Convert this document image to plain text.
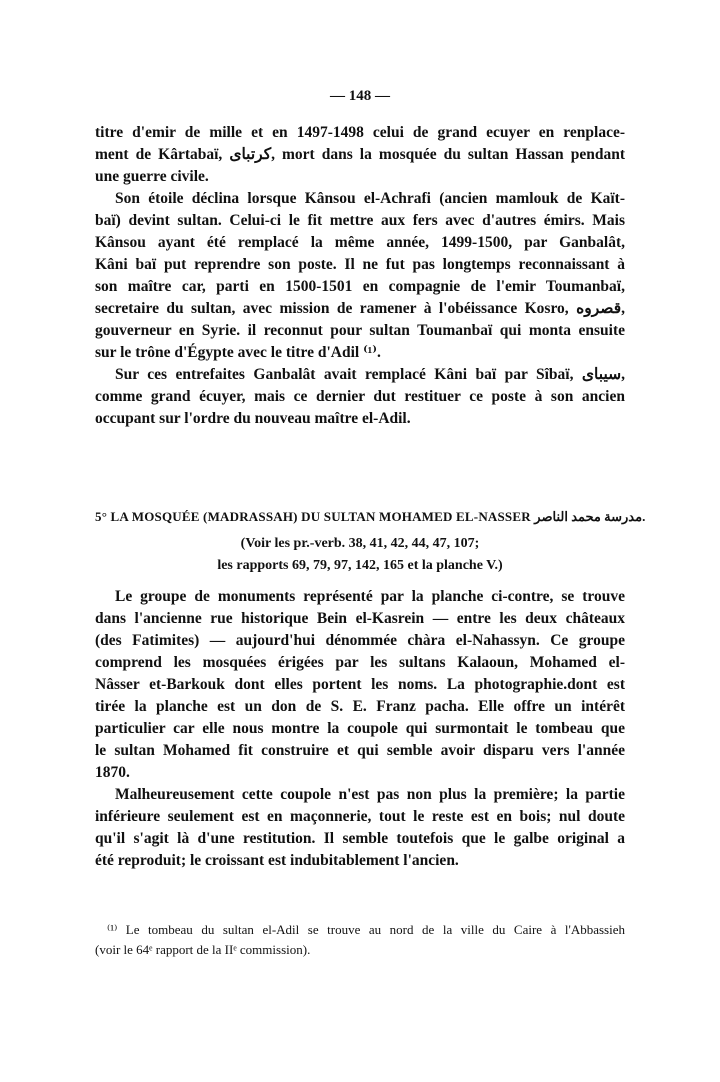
— 148 —
titre d'emir de mille et en 1497-1498 celui de grand ecuyer en renplace-
ment de Kârtabaï, كرتباى, mort dans la mosquée du sultan Hassan pendant
une guerre civile.
Son étoile déclina lorsque Kânsou el-Achrafi (ancien mamlouk de Kaït-
baï) devint sultan. Celui-ci le fit mettre aux fers avec d'autres émirs. Mais
Kânsou ayant été remplacé la même année, 1499-1500, par Ganbalât,
Kâni baï put reprendre son poste. Il ne fut pas longtemps reconnaissant à
son maître car, parti en 1500-1501 en compagnie de l'emir Toumanbaï,
secretaire du sultan, avec mission de ramener à l'obéissance Kosro, قصروه,
gouverneur en Syrie. il reconnut pour sultan Toumanbaï qui monta ensuite
sur le trône d'Égypte avec le titre d'Adil ⁽¹⁾.
Sur ces entrefaites Ganbalât avait remplacé Kâni baï par Sîbaï, سيباى,
comme grand écuyer, mais ce dernier dut restituer ce poste à son ancien
occupant sur l'ordre du nouveau maître el-Adil.
5° LA MOSQUÉE (MADRASSAH) DU SULTAN MOHAMED EL-NASSER مدرسة محمد الناصر.
(Voir les pr.-verb. 38, 41, 42, 44, 47, 107;
les rapports 69, 79, 97, 142, 165 et la planche V.)
Le groupe de monuments représenté par la planche ci-contre, se trouve
dans l'ancienne rue historique Bein el-Kasrein — entre les deux châteaux
(des Fatimites) — aujourd'hui dénommée chàra el-Nahassyn. Ce groupe
comprend les mosquées érigées par les sultans Kalaoun, Mohamed el-
Nâsser et-Barkouk dont elles portent les noms. La photographie.dont est
tirée la planche est un don de S. E. Franz pacha. Elle offre un intérêt
particulier car elle nous montre la coupole qui surmontait le tombeau que
le sultan Mohamed fit construire et qui semble avoir disparu vers l'année
1870.
Malheureusement cette coupole n'est pas non plus la première; la partie
inférieure seulement est en maçonnerie, tout le reste est en bois; nul doute
qu'il s'agit là d'une restitution. Il semble toutefois que le galbe original a
été reproduit; le croissant est indubitablement l'ancien.
⁽¹⁾ Le tombeau du sultan el-Adil se trouve au nord de la ville du Caire à l'Abbassieh
(voir le 64ᵉ rapport de la IIᵉ commission).
